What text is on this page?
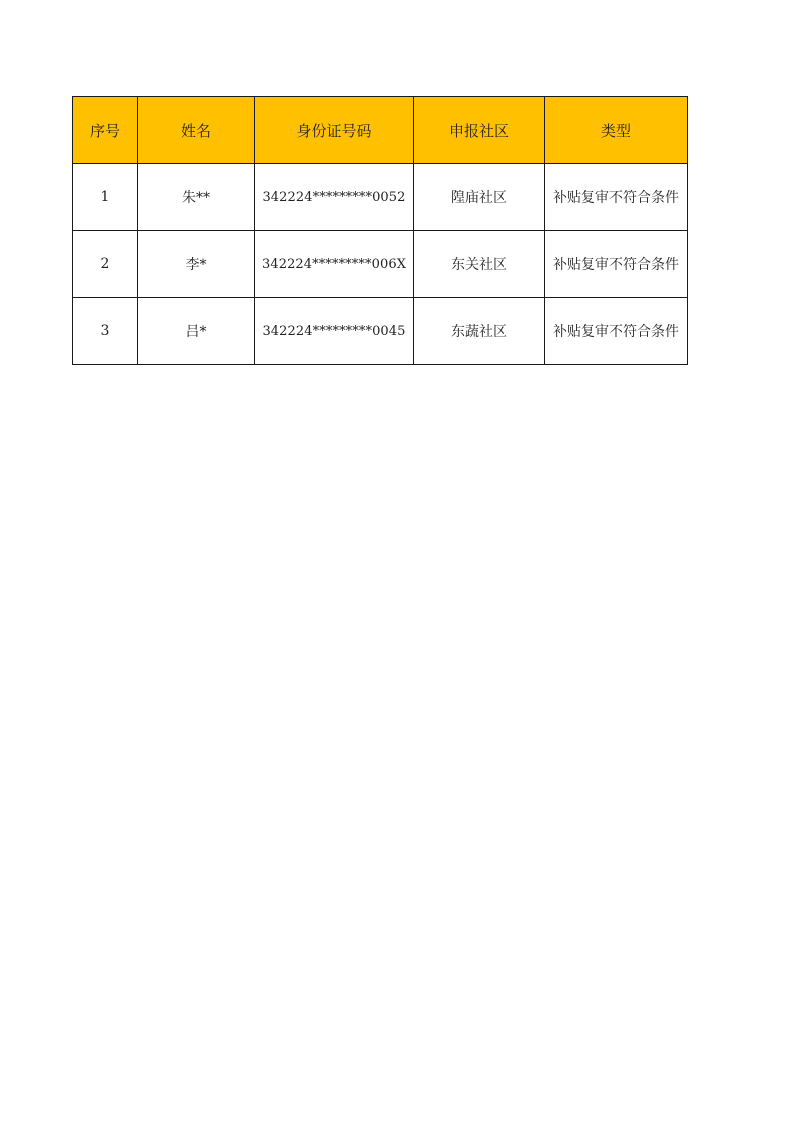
序号	姓名	身份证号码	申报社区	类型
1	朱**	342224*********0052	隍庙社区	补贴复审不符合条件
2	李*	342224*********006X	东关社区	补贴复审不符合条件
3	吕*	342224*********0045	东蔬社区	补贴复审不符合条件
